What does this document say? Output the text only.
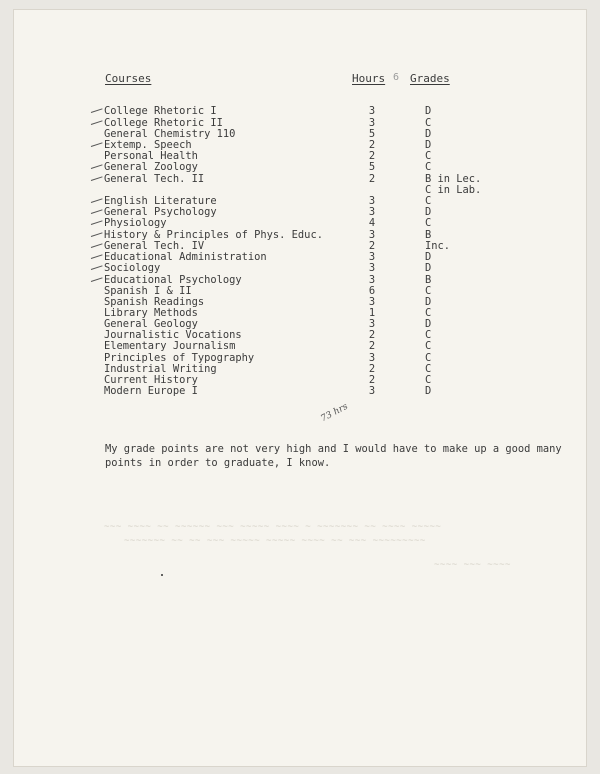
Courses	Hours 6 Grades
College Rhetoric I	3	D
College Rhetoric II	3	C
General Chemistry 110	5	D
Extemp. Speech	2	D
Personal Health	2	C
General Zoology	5	C
General Tech. II	2	B in Lec.
C in Lab.
English Literature	3	C
General Psychology	3	D
Physiology	4	C
History & Principles of Phys. Educ.	3	B
General Tech. IV	2	Inc.
Educational Administration	3	D
Sociology	3	D
Educational Psychology	3	B
Spanish I & II	6	C
Spanish Readings	3	D
Library Methods	1	C
General Geology	3	D
Journalistic Vocations	2	C
Elementary Journalism	2	C
Principles of Typography	3	C
Industrial Writing	2	C
Current History	2	C
Modern Europe I	3	D
73 hrs

My grade points are not very high and I would have to make up a good many points in order to graduate, I know.

~~~ ~~~~ ~~ ~~~~~~ ~~~ ~~~~~ ~~~~ ~ ~~~~~~~ ~~ ~~~~ ~~~~~
~~~~~~~ ~~ ~~ ~~~ ~~~~~ ~~~~~ ~~~~ ~~ ~~~ ~~~~~~~~~
~~~~ ~~~ ~~~~
